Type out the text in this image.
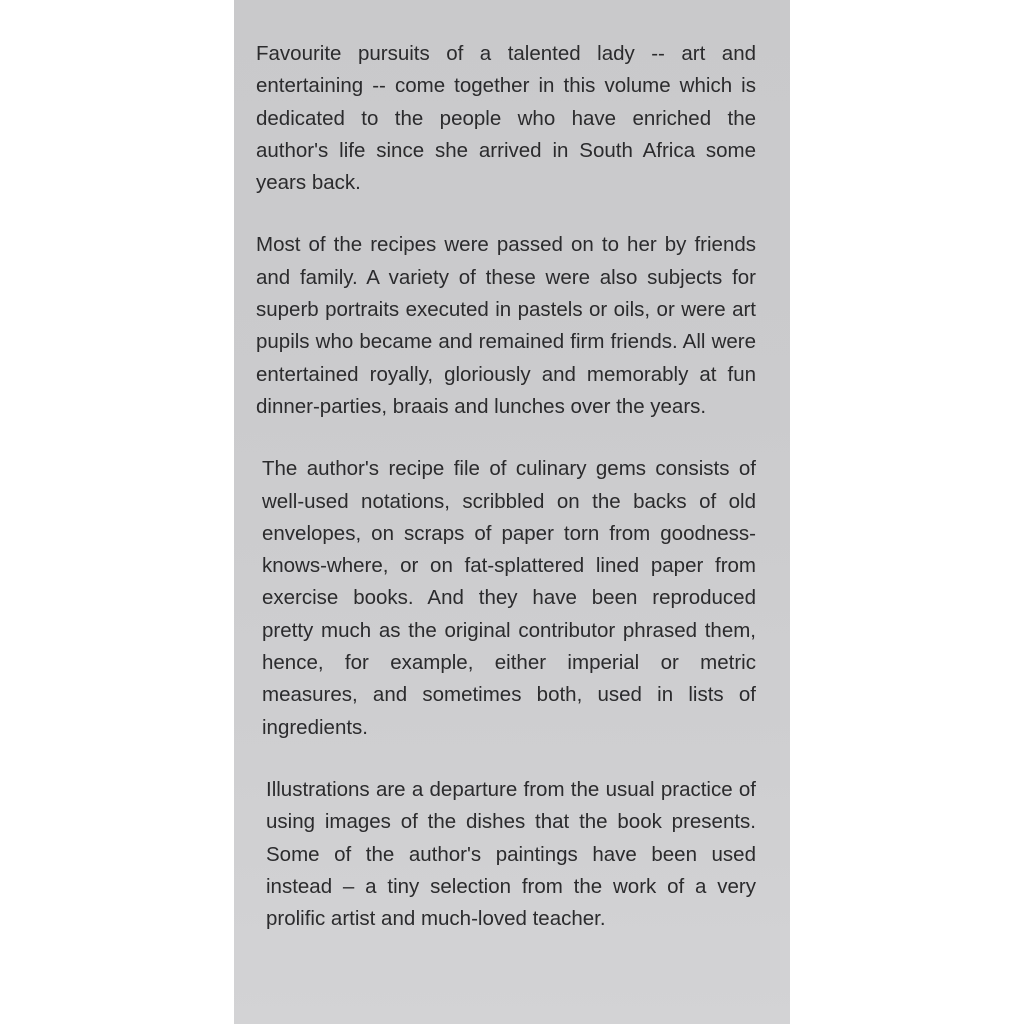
Favourite pursuits of a talented lady -- art and entertaining -- come together in this volume which is dedicated to the people who have enriched the author's life since she arrived in South Africa some years back.

Most of the recipes were passed on to her by friends and family. A variety of these were also subjects for superb portraits executed in pastels or oils, or were art pupils who became and remained firm friends. All were entertained royally, gloriously and memorably at fun dinner-parties, braais and lunches over the years.

The author's recipe file of culinary gems consists of well-used notations, scribbled on the backs of old envelopes, on scraps of paper torn from goodness-knows-where, or on fat-splattered lined paper from exercise books. And they have been reproduced pretty much as the original contributor phrased them, hence, for example, either imperial or metric measures, and sometimes both, used in lists of ingredients.

Illustrations are a departure from the usual practice of using images of the dishes that the book presents. Some of the author's paintings have been used instead – a tiny selection from the work of a very prolific artist and much-loved teacher.
